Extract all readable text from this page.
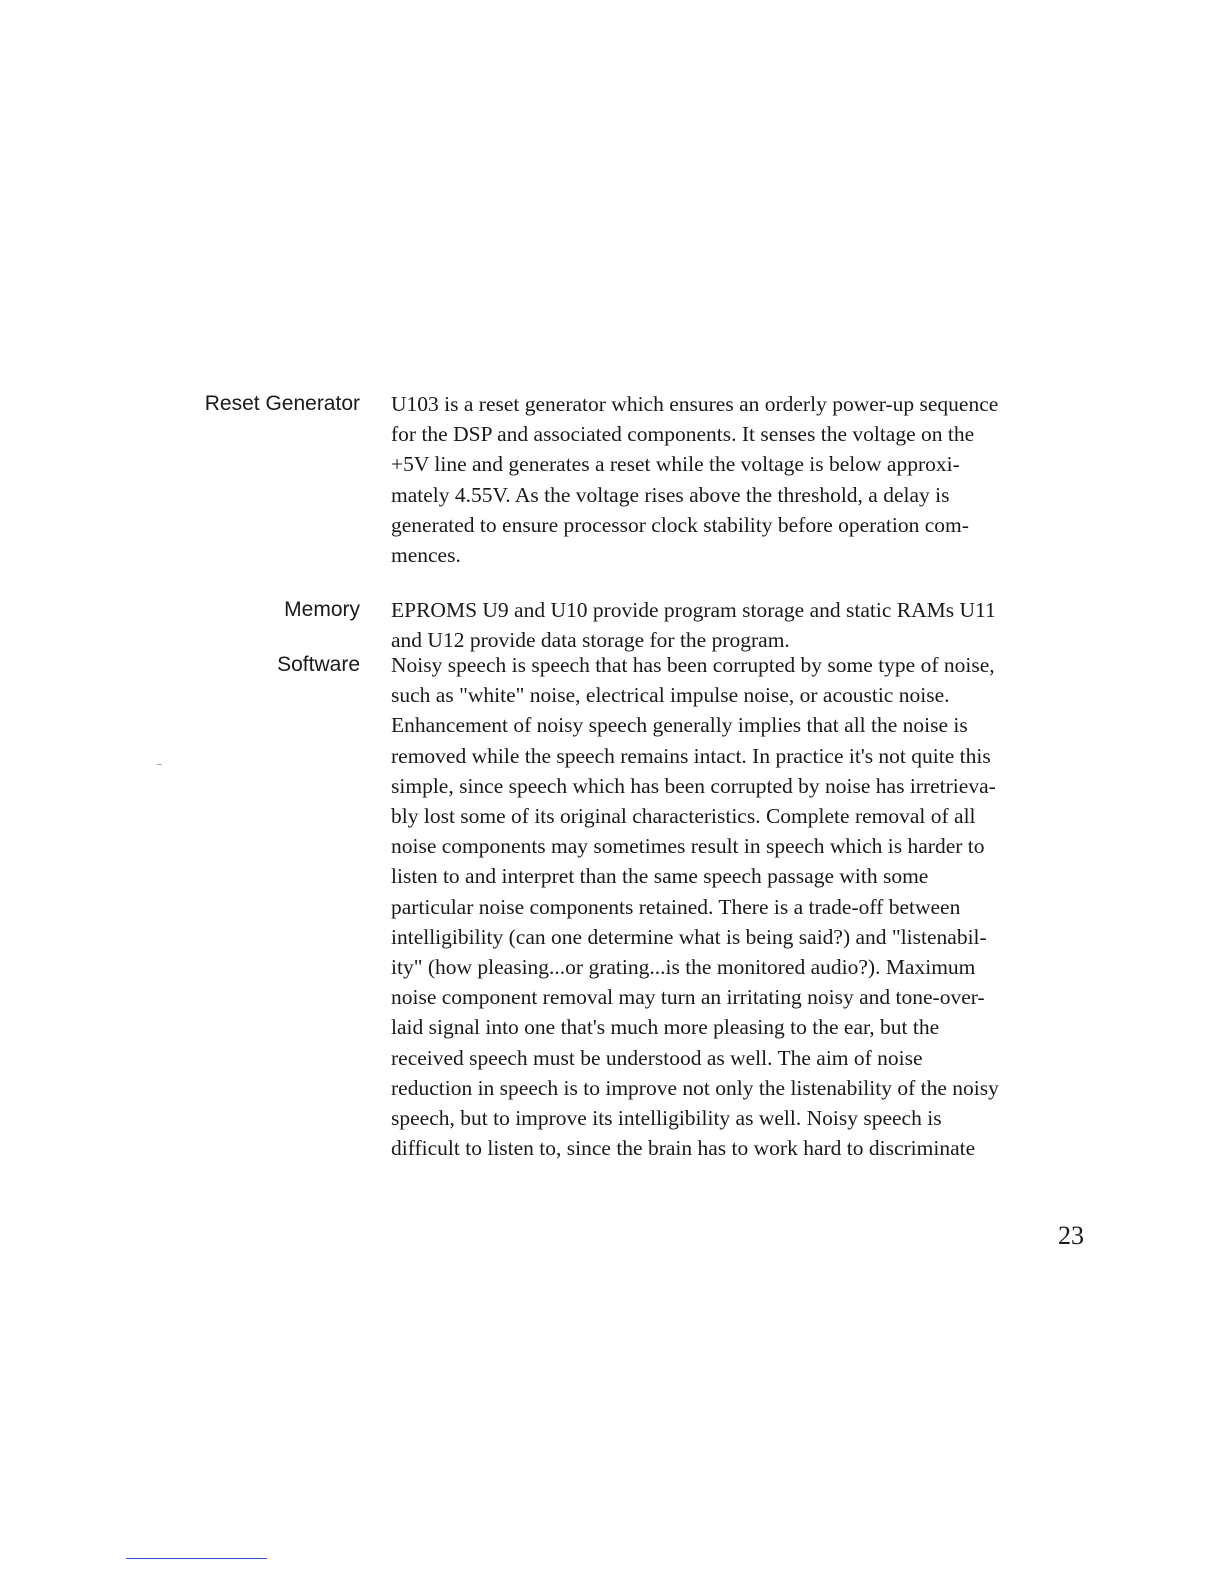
Reset Generator U103 is a reset generator which ensures an orderly power-up sequence
for the DSP and associated components. It senses the voltage on the
+5V line and generates a reset while the voltage is below approxi-
mately 4.55V. As the voltage rises above the threshold, a delay is
generated to ensure processor clock stability before operation com-
mences.
Memory EPROMS U9 and U10 provide program storage and static RAMs U11
and U12 provide data storage for the program.
Software Noisy speech is speech that has been corrupted by some type of noise,
such as "white" noise, electrical impulse noise, or acoustic noise.
Enhancement of noisy speech generally implies that all the noise is
removed while the speech remains intact. In practice it's not quite this
simple, since speech which has been corrupted by noise has irretrieva-
bly lost some of its original characteristics. Complete removal of all
noise components may sometimes result in speech which is harder to
listen to and interpret than the same speech passage with some
particular noise components retained. There is a trade-off between
intelligibility (can one determine what is being said?) and "listenabil-
ity" (how pleasing...or grating...is the monitored audio?). Maximum
noise component removal may turn an irritating noisy and tone-over-
laid signal into one that's much more pleasing to the ear, but the
received speech must be understood as well. The aim of noise
reduction in speech is to improve not only the listenability of the noisy
speech, but to improve its intelligibility as well. Noisy speech is
difficult to listen to, since the brain has to work hard to discriminate
23
